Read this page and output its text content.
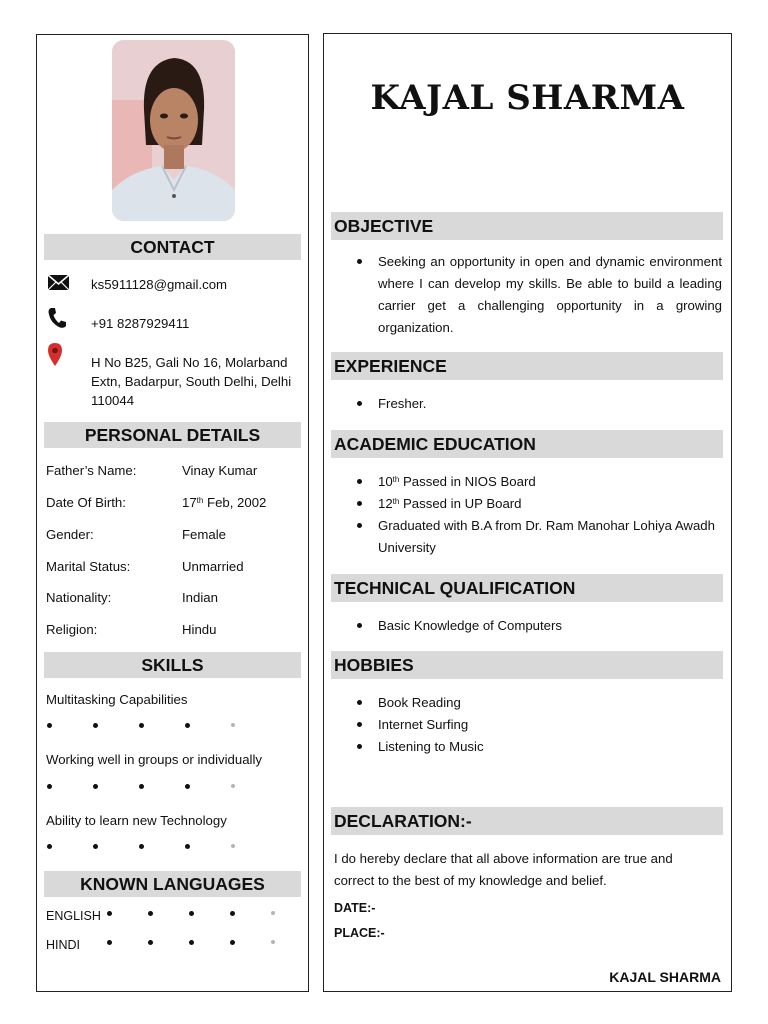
CONTACT
ks5911128@gmail.com
+91 8287929411
H No B25, Gali No 16, Molarband Extn, Badarpur, South Delhi, Delhi 110044
PERSONAL DETAILS
Father’s Name:	Vinay Kumar
Date Of Birth:	17th Feb, 2002
Gender:	Female
Marital Status:	Unmarried
Nationality:	Indian
Religion:	Hindu
SKILLS
Multitasking Capabilities
Working well in groups or individually
Ability to learn new Technology
KNOWN LANGUAGES
ENGLISH
HINDI
KAJAL SHARMA
OBJECTIVE
Seeking an opportunity in open and dynamic environment where I can develop my skills. Be able to build a leading carrier get a challenging opportunity in a growing organization.
EXPERIENCE
Fresher.
ACADEMIC EDUCATION
10th Passed in NIOS Board
12th Passed in UP Board
Graduated with B.A from Dr. Ram Manohar Lohiya Awadh University
TECHNICAL QUALIFICATION
Basic Knowledge of Computers
HOBBIES
Book Reading
Internet Surfing
Listening to Music
DECLARATION:-
I do hereby declare that all above information are true and correct to the best of my knowledge and belief.
DATE:-
PLACE:-
KAJAL SHARMA
